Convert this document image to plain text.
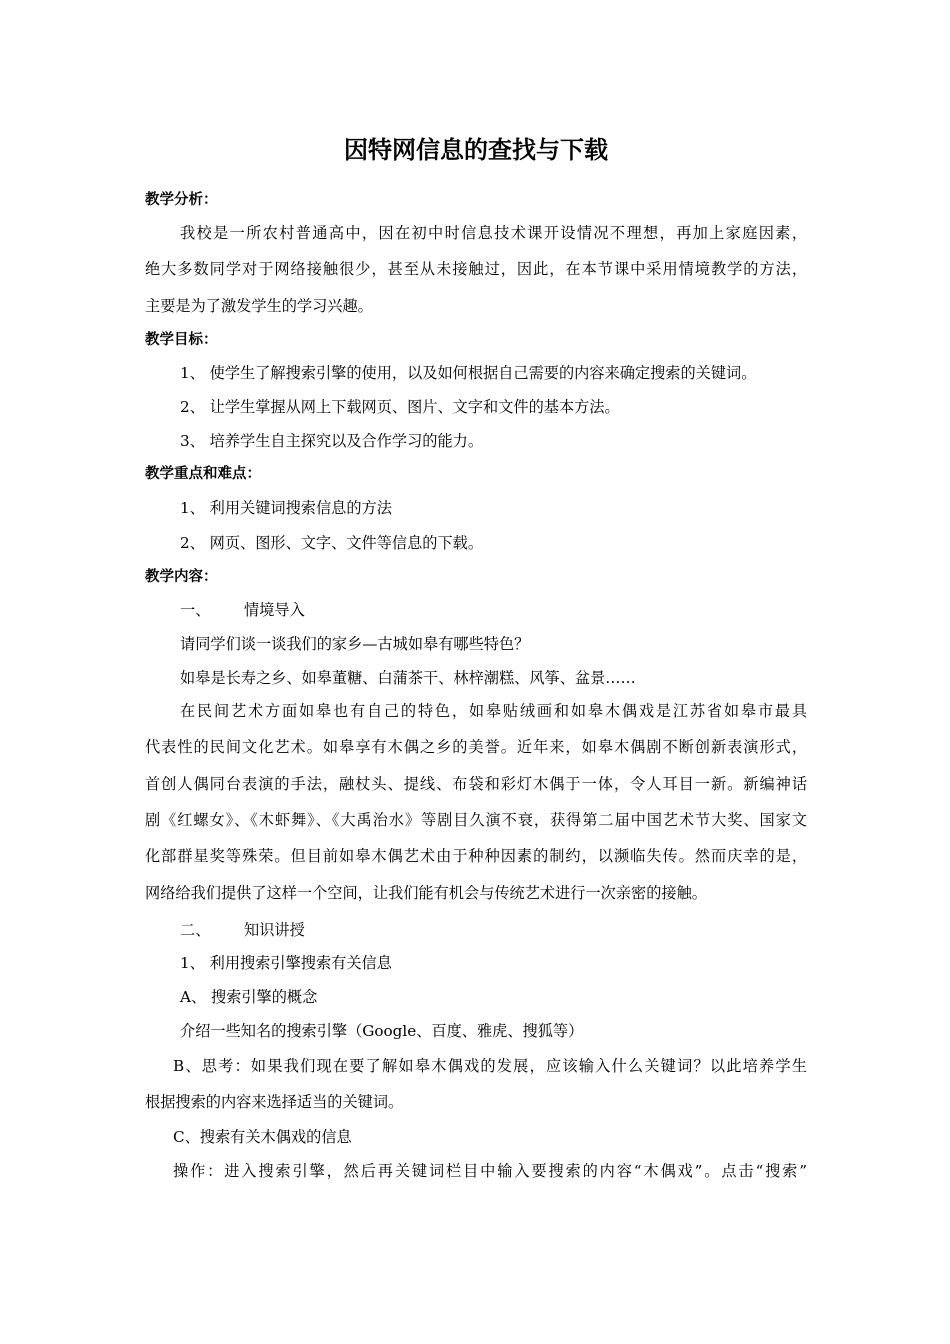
因特网信息的查找与下载
教学分析：
我校是一所农村普通高中，因在初中时信息技术课开设情况不理想，再加上家庭因素，
绝大多数同学对于网络接触很少，甚至从未接触过，因此，在本节课中采用情境教学的方法，
主要是为了激发学生的学习兴趣。
教学目标：
1、 使学生了解搜索引擎的使用，以及如何根据自己需要的内容来确定搜索的关键词。
2、 让学生掌握从网上下载网页、图片、文字和文件的基本方法。
3、 培养学生自主探究以及合作学习的能力。
教学重点和难点：
1、 利用关键词搜索信息的方法
2、 网页、图形、文字、文件等信息的下载。
教学内容：
一、 情境导入
请同学们谈一谈我们的家乡—古城如皋有哪些特色？
如皋是长寿之乡、如皋董糖、白蒲茶干、林梓潮糕、风筝、盆景……
在民间艺术方面如皋也有自己的特色，如皋贴绒画和如皋木偶戏是江苏省如皋市最具
代表性的民间文化艺术。如皋享有木偶之乡的美誉。近年来，如皋木偶剧不断创新表演形式，
首创人偶同台表演的手法，融杖头、提线、布袋和彩灯木偶于一体，令人耳目一新。新编神话
剧《红螺女》、《木虾舞》、《大禹治水》等剧目久演不衰，获得第二届中国艺术节大奖、国家文
化部群星奖等殊荣。但目前如皋木偶艺术由于种种因素的制约，以濒临失传。然而庆幸的是，
网络给我们提供了这样一个空间，让我们能有机会与传统艺术进行一次亲密的接触。
二、 知识讲授
1、 利用搜索引擎搜索有关信息
A、 搜索引擎的概念
介绍一些知名的搜索引擎（Google、百度、雅虎、搜狐等）
B、思考：如果我们现在要了解如皋木偶戏的发展，应该输入什么关键词？以此培养学生
根据搜索的内容来选择适当的关键词。
C、搜索有关木偶戏的信息
操作：进入搜索引擎，然后再关键词栏目中输入要搜索的内容“木偶戏”。点击“搜索”
